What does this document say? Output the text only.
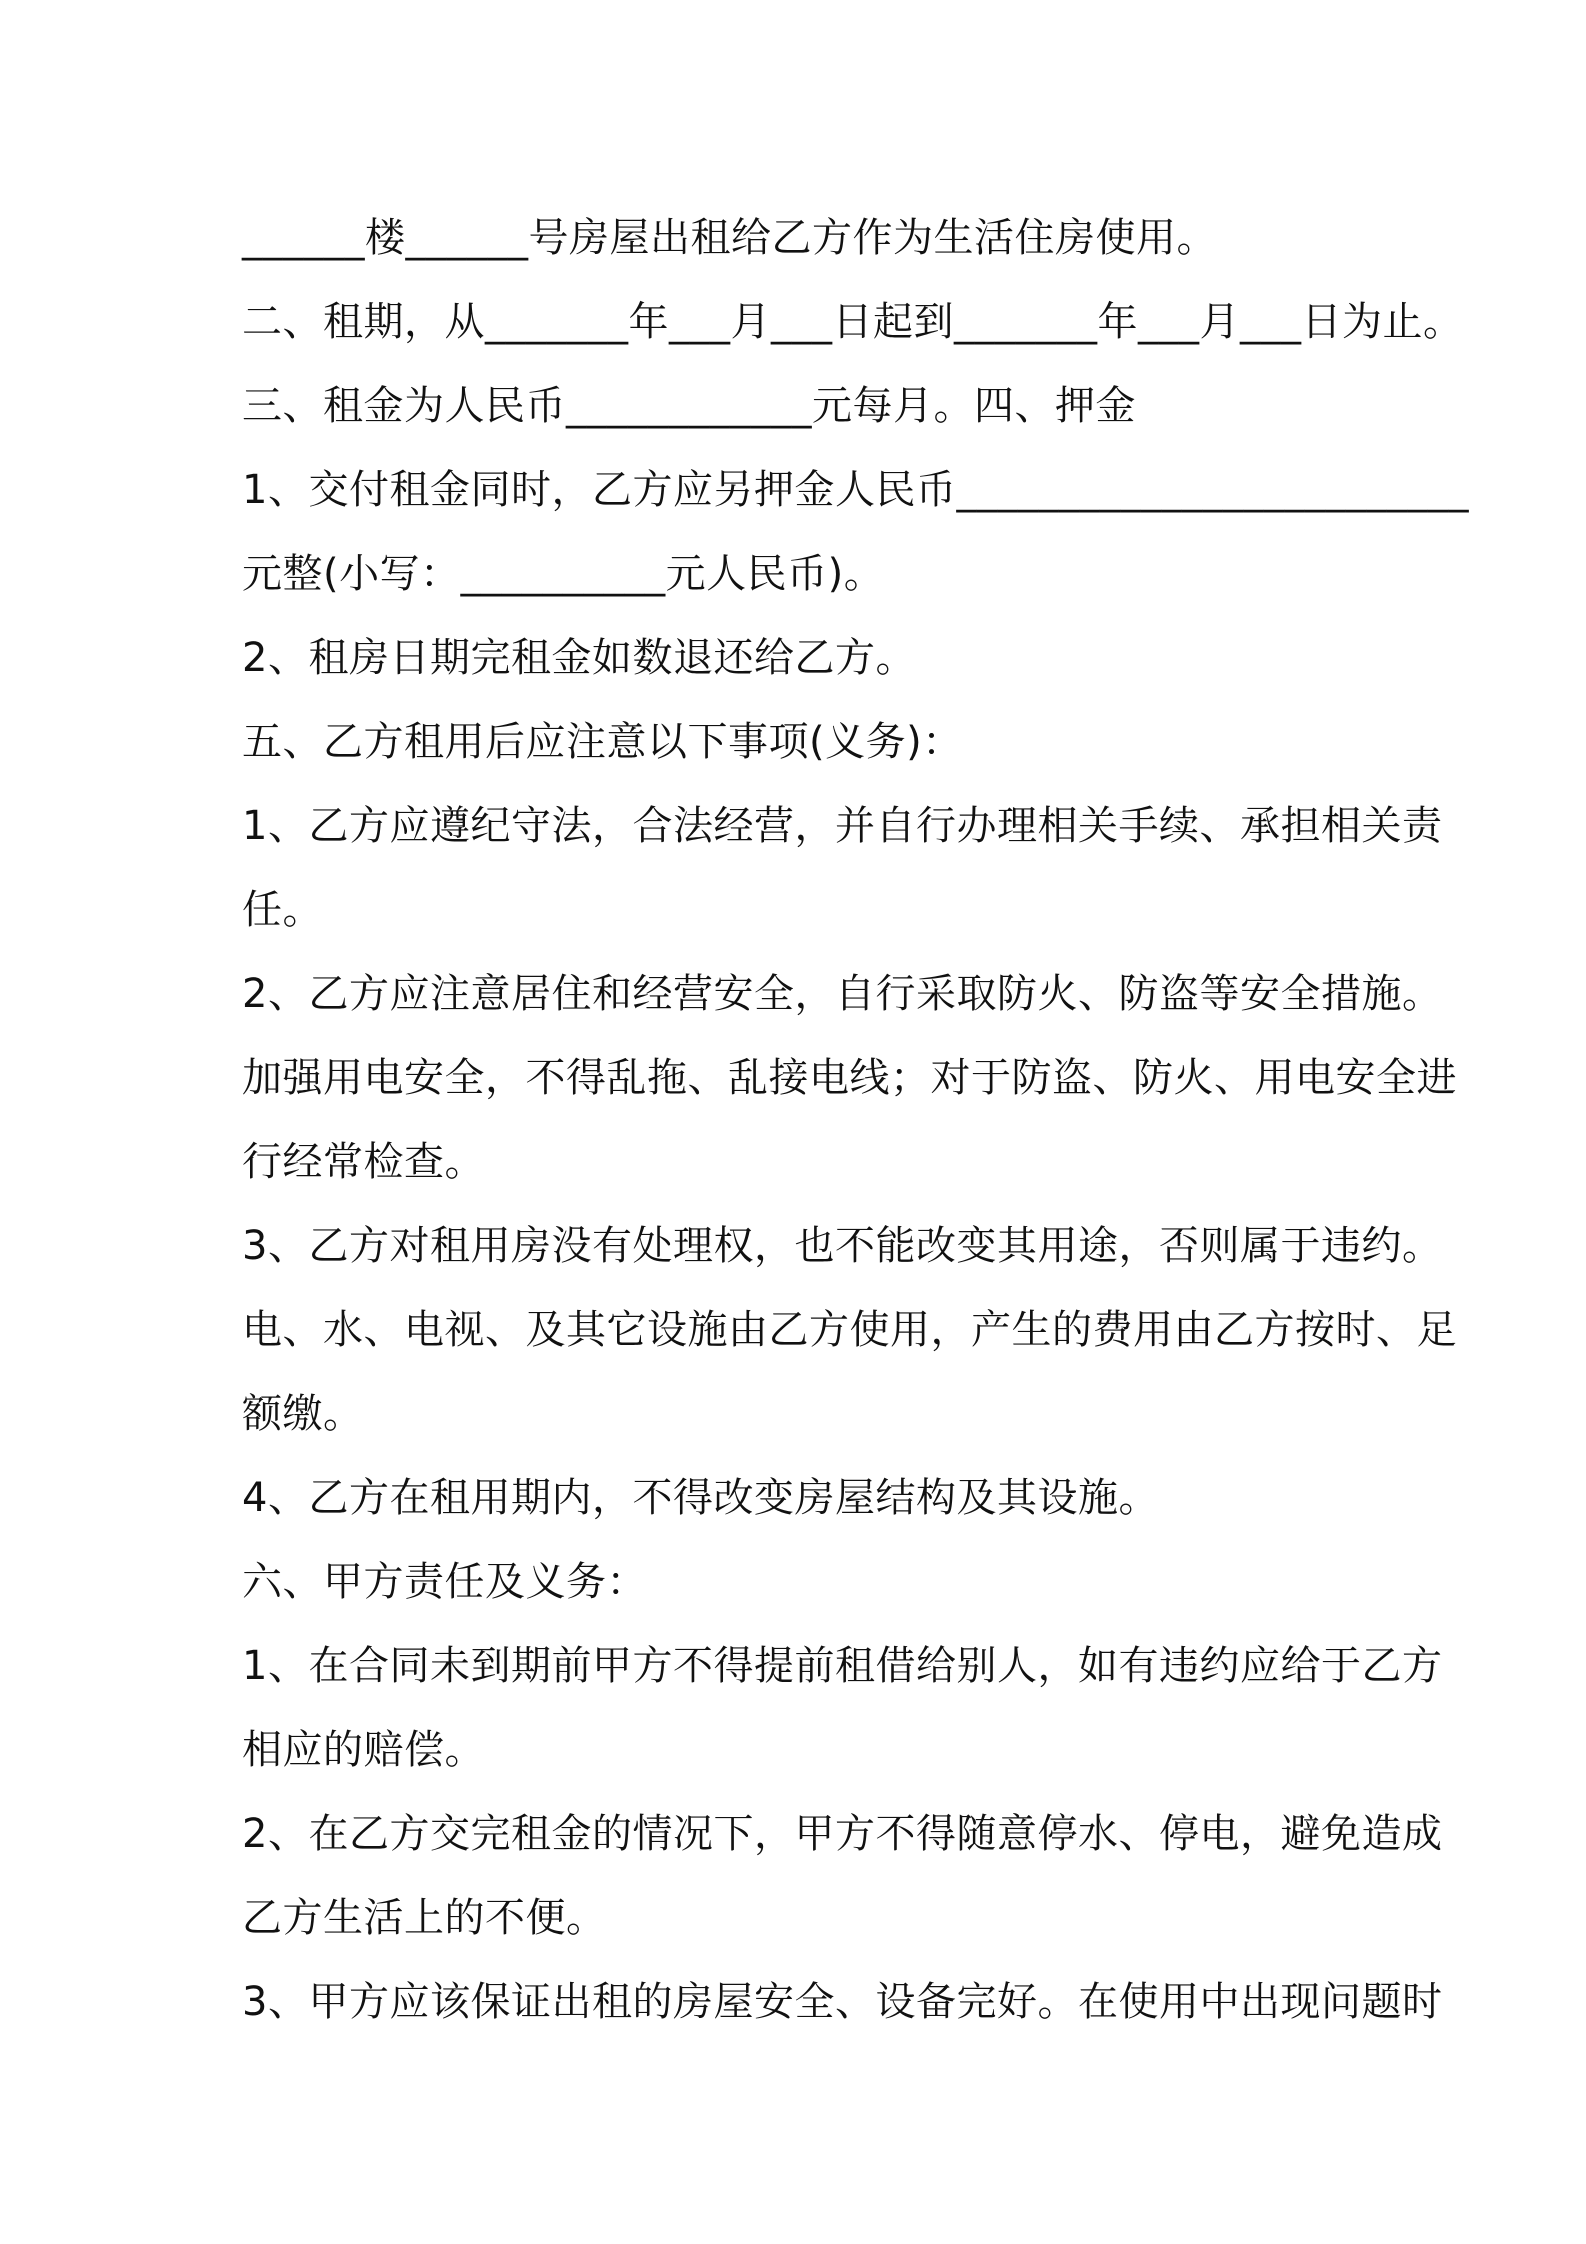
______楼______号房屋出租给乙方作为生活住房使用。
二、租期，从_______年___月___日起到_______年___月___日为止。
三、租金为人民币____________元每月。四、押金
1、交付租金同时，乙方应另押金人民币_________________________
元整(小写：__________元人民币)。
2、租房日期完租金如数退还给乙方。
五、乙方租用后应注意以下事项(义务)：
1、乙方应遵纪守法，合法经营，并自行办理相关手续、承担相关责
任。
2、乙方应注意居住和经营安全，自行采取防火、防盗等安全措施。
加强用电安全，不得乱拖、乱接电线；对于防盗、防火、用电安全进
行经常检查。
3、乙方对租用房没有处理权，也不能改变其用途，否则属于违约。
电、水、电视、及其它设施由乙方使用，产生的费用由乙方按时、足
额缴。
4、乙方在租用期内，不得改变房屋结构及其设施。
六、甲方责任及义务：
1、在合同未到期前甲方不得提前租借给别人，如有违约应给于乙方
相应的赔偿。
2、在乙方交完租金的情况下，甲方不得随意停水、停电，避免造成
乙方生活上的不便。
3、甲方应该保证出租的房屋安全、设备完好。在使用中出现问题时
